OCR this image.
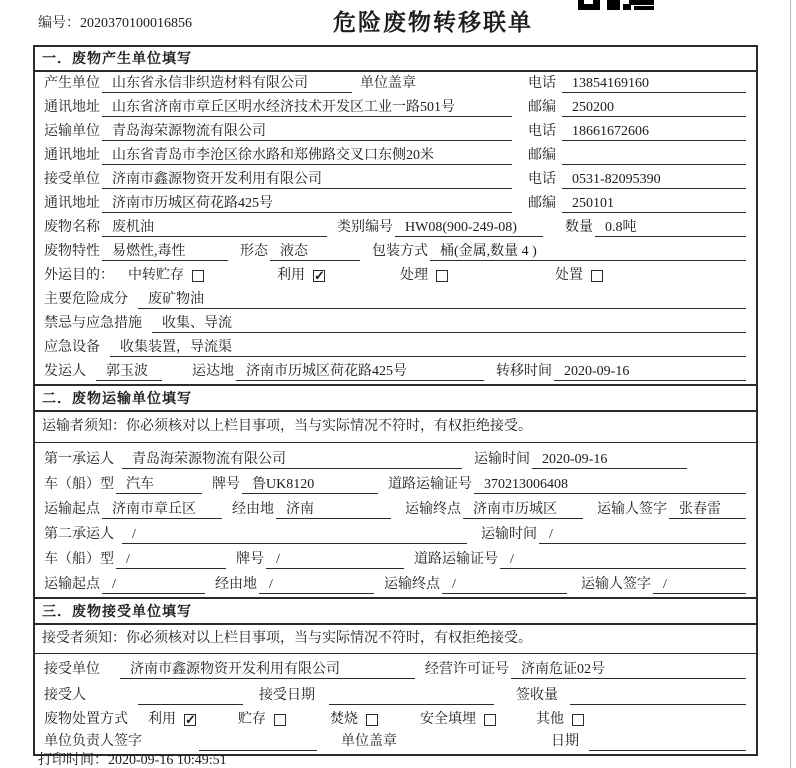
编号：2020370100016856	危险废物转移联单
一．废物产生单位填写
产生单位 山东省永信非织造材料有限公司	单位盖章	电话	13854169160
通讯地址 山东省济南市章丘区明水经济技术开发区工业一路501号	邮编	250200
运输单位 青岛海荣源物流有限公司	电话	18661672606
通讯地址 山东省青岛市李沧区徐水路和郑佛路交叉口东侧20米	邮编
接受单位 济南市鑫源物资开发利用有限公司	电话	0531-82095390
通讯地址 济南市历城区荷花路425号	邮编	250101
废物名称 废机油	类别编号 HW08(900-249-08)	数量 0.8吨
废物特性 易燃性,毒性	形态 液态	包装方式 桶(金属,数量 4 )
外运目的： 中转贮存	利用 ✓	处理	处置
主要危险成分	废矿物油
禁忌与应急措施	收集、导流
应急设备	收集装置，导流渠
发运人	郭玉波	运达地 济南市历城区荷花路425号	转移时间 2020-09-16
二．废物运输单位填写
运输者须知：你必须核对以上栏目事项，当与实际情况不符时，有权拒绝接受。
第一承运人	青岛海荣源物流有限公司	运输时间 2020-09-16
车（船）型 汽车	牌号 鲁UK8120	道路运输证号 370213006408
运输起点 济南市章丘区	经由地 济南	运输终点 济南市历城区	运输人签字 张春雷
第二承运人	/	运输时间 /
车（船）型 /	牌号 /	道路运输证号 /
运输起点 /	经由地 /	运输终点 /	运输人签字 /
三．废物接受单位填写
接受者须知：你必须核对以上栏目事项，当与实际情况不符时，有权拒绝接受。
接受单位	济南市鑫源物资开发利用有限公司	经营许可证号 济南危证02号
接受人	接受日期	签收量
废物处置方式 利用 ✓	贮存	焚烧	安全填埋	其他
单位负责人签字	单位盖章	日期
打印时间：2020-09-16 10:49:51
